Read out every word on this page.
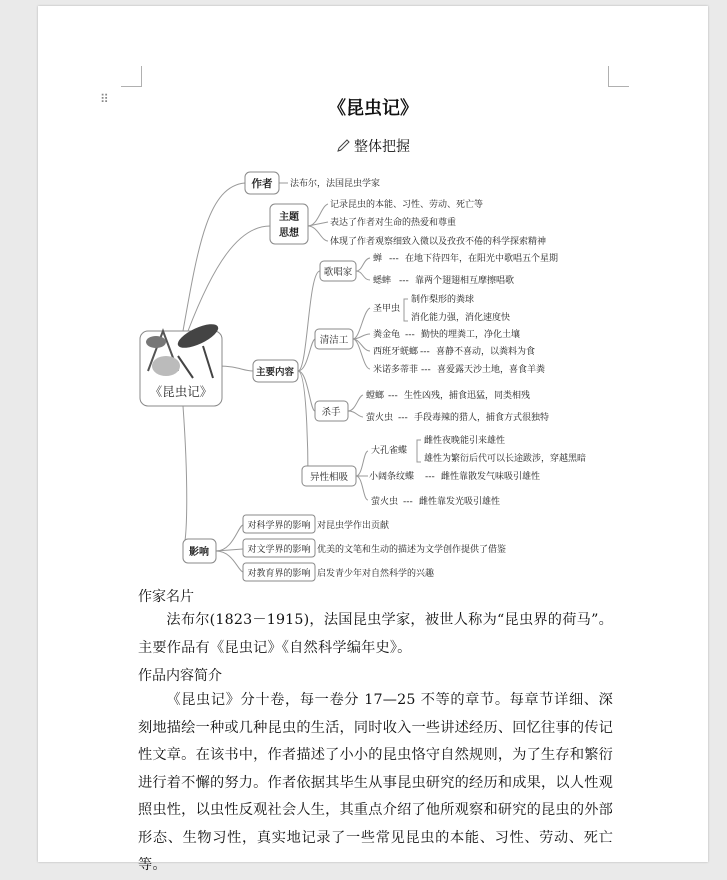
⠿	《昆虫记》
整体把握
《昆虫记》
作者 法布尔，法国昆虫学家
主题
思想
记录昆虫的本能、习性、劳动、死亡等
表达了作者对生命的热爱和尊重
体现了作者观察细致入微以及孜孜不倦的科学探索精神
主要内容
歌唱家
蝉 --- 在地下待四年，在阳光中歌唱五个星期
蟋蟀 --- 靠两个翅翅相互摩擦唱歌
清洁工
圣甲虫
制作梨形的粪球
消化能力强，消化速度快
粪金龟 --- 勤快的埋粪工，净化土壤
西班牙蜣螂 --- 喜静不喜动，以粪料为食
米诺多蒂菲 --- 喜爱露天沙土地，喜食羊粪
杀手
螳螂 --- 生性凶残，捕食迅猛，同类相残
萤火虫 --- 手段毒辣的猎人，捕食方式很独特
异性相吸
大孔雀蝶
雌性夜晚能引来雄性
雄性为繁衍后代可以长途跋涉，穿越黑暗
小阔条纹蝶 --- 雌性靠散发气味吸引雄性
萤火虫 --- 雌性靠发光吸引雄性
影响
对科学界的影响 对昆虫学作出贡献
对文学界的影响 优美的文笔和生动的描述为文学创作提供了借鉴
对教育界的影响 启发青少年对自然科学的兴趣
作家名片
法布尔(1823－1915)，法国昆虫学家，被世人称为“昆虫界的荷马”。主要作品有《昆虫记》《自然科学编年史》。
作品内容简介
《昆虫记》分十卷，每一卷分 17—25 不等的章节。每章节详细、深刻地描绘一种或几种昆虫的生活，同时收入一些讲述经历、回忆往事的传记性文章。在该书中，作者描述了小小的昆虫恪守自然规则，为了生存和繁衍进行着不懈的努力。作者依据其毕生从事昆虫研究的经历和成果，以人性观照虫性，以虫性反观社会人生，其重点介绍了他所观察和研究的昆虫的外部形态、生物习性，真实地记录了一些常见昆虫的本能、习性、劳动、死亡等。
